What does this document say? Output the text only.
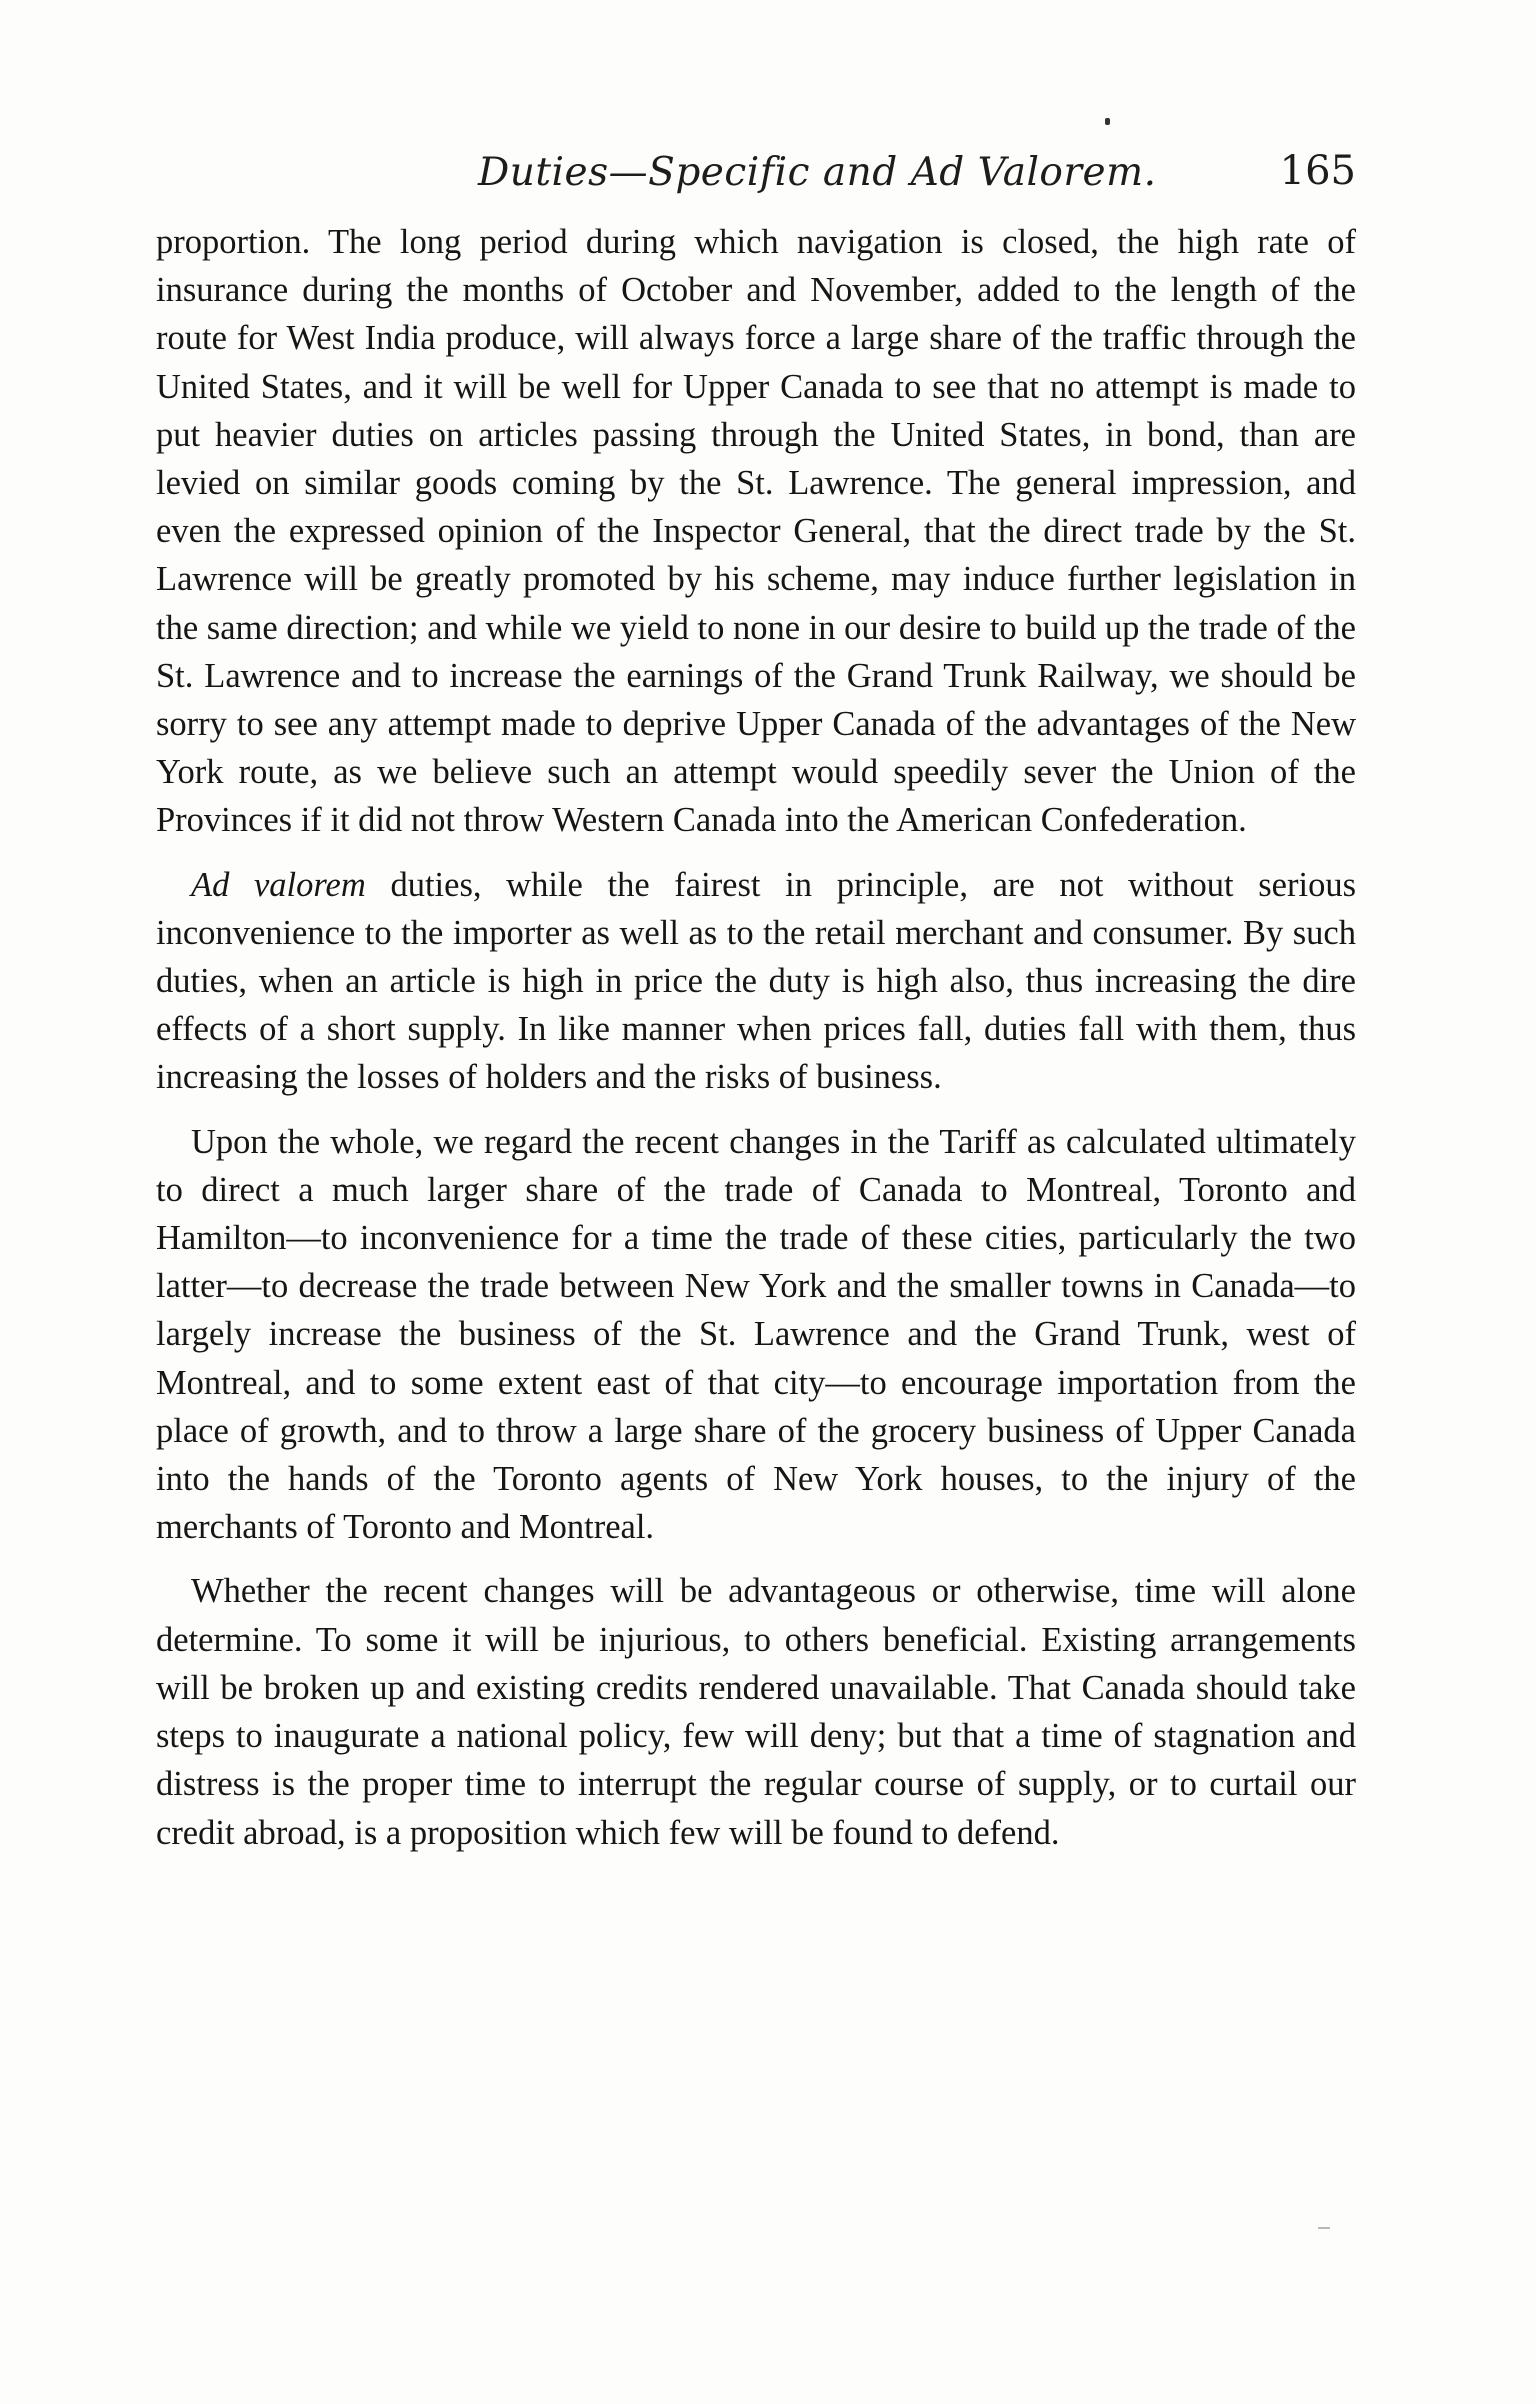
Duties—Specific and Ad Valorem.	165

proportion. The long period during which navigation is closed, the high rate of insurance during the months of October and November, added to the length of the route for West India produce, will always force a large share of the traffic through the United States, and it will be well for Upper Canada to see that no attempt is made to put heavier duties on articles passing through the United States, in bond, than are levied on similar goods coming by the St. Lawrence. The general impression, and even the expressed opinion of the Inspector General, that the direct trade by the St. Lawrence will be greatly promoted by his scheme, may induce further legislation in the same direction; and while we yield to none in our desire to build up the trade of the St. Lawrence and to increase the earnings of the Grand Trunk Railway, we should be sorry to see any attempt made to deprive Upper Canada of the advantages of the New York route, as we believe such an attempt would speedily sever the Union of the Provinces if it did not throw Western Canada into the American Confederation.

Ad valorem duties, while the fairest in principle, are not without serious inconvenience to the importer as well as to the retail merchant and consumer. By such duties, when an article is high in price the duty is high also, thus increasing the dire effects of a short supply. In like manner when prices fall, duties fall with them, thus increasing the losses of holders and the risks of business.

Upon the whole, we regard the recent changes in the Tariff as calculated ultimately to direct a much larger share of the trade of Canada to Montreal, Toronto and Hamilton—to inconvenience for a time the trade of these cities, particularly the two latter—to decrease the trade between New York and the smaller towns in Canada—to largely increase the business of the St. Lawrence and the Grand Trunk, west of Montreal, and to some extent east of that city—to encourage importation from the place of growth, and to throw a large share of the grocery business of Upper Canada into the hands of the Toronto agents of New York houses, to the injury of the merchants of Toronto and Montreal.

Whether the recent changes will be advantageous or otherwise, time will alone determine. To some it will be injurious, to others beneficial. Existing arrangements will be broken up and existing credits rendered unavailable. That Canada should take steps to inaugurate a national policy, few will deny; but that a time of stagnation and distress is the proper time to interrupt the regular course of supply, or to curtail our credit abroad, is a proposition which few will be found to defend.
